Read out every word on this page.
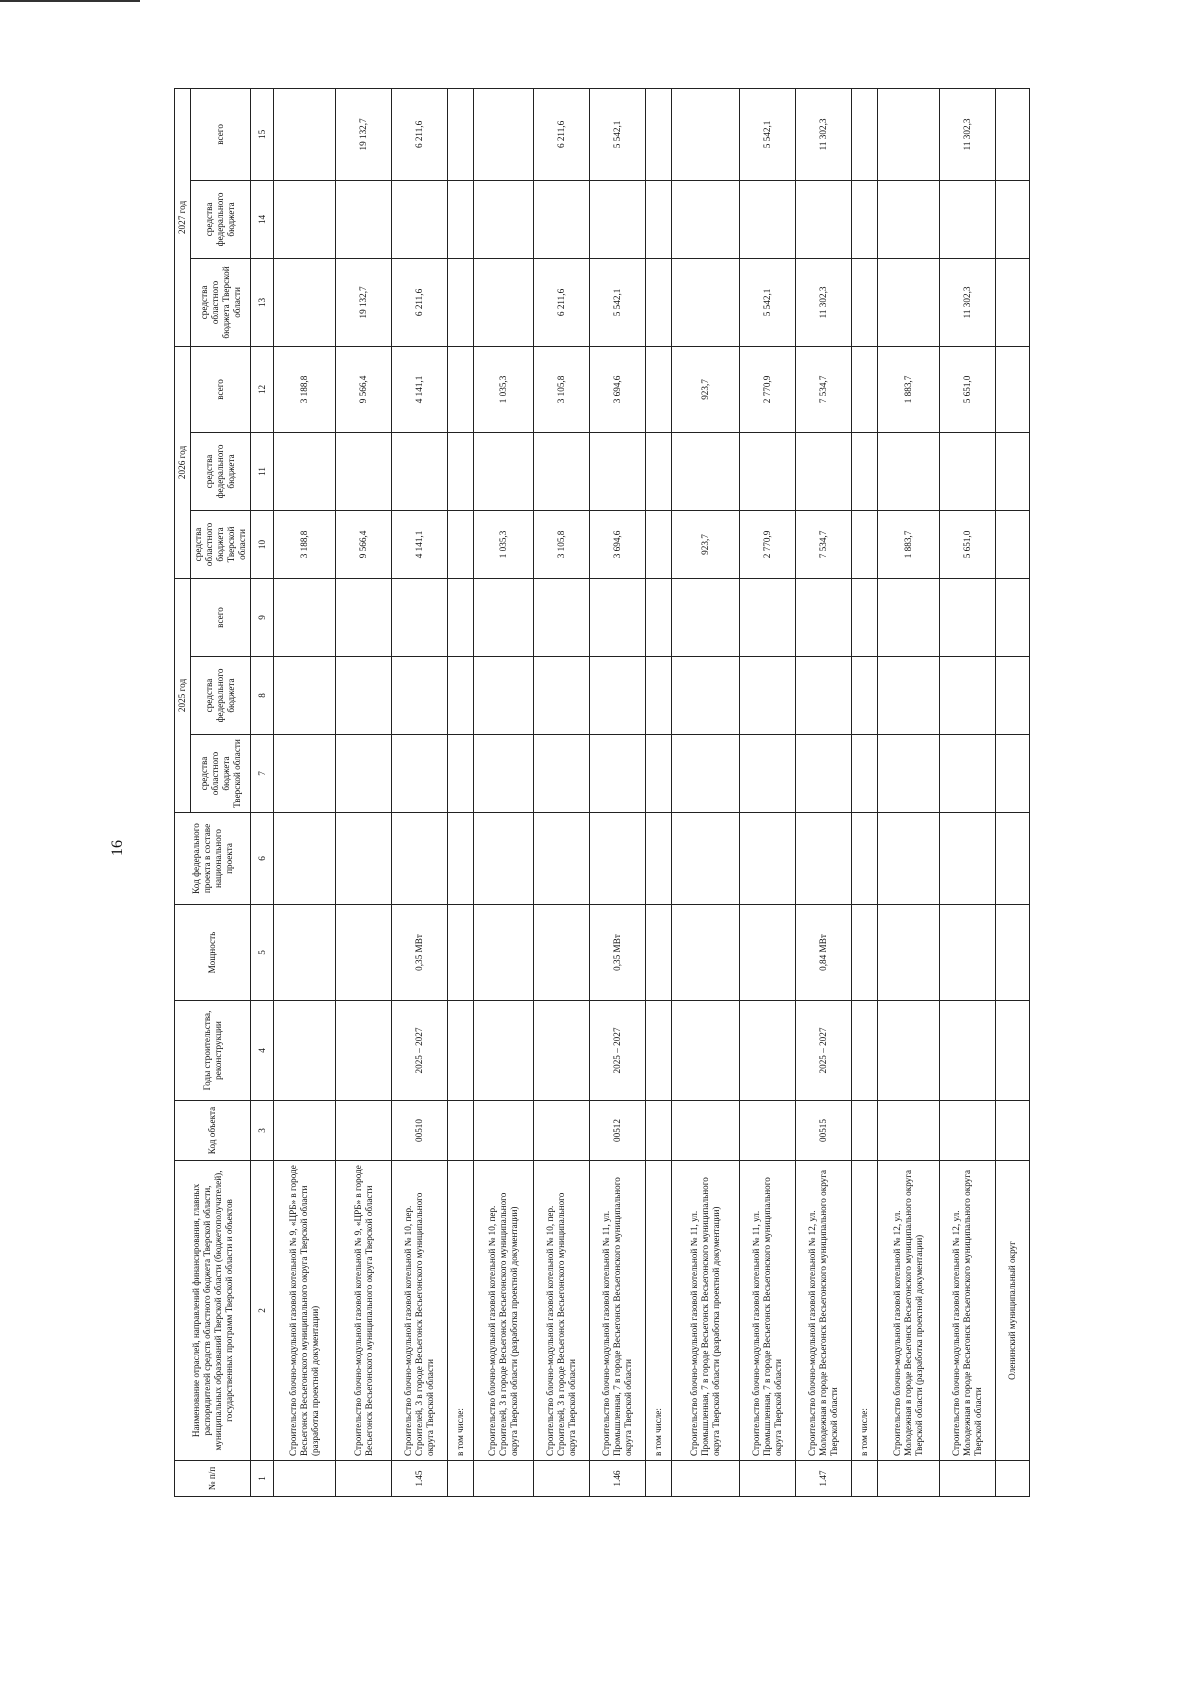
16
№ п/п	Наименование отраслей, направлений финансирования, главных распорядителей средств областного бюджета Тверской области, муниципальных образований Тверской области (бюджетополучателей), государственных программ Тверской области и объектов	Код объекта	Годы строительства, реконструкции	Мощность	Код федерального проекта в составе национального проекта	2025 год			2026 год			2027 год		
						средства областного бюджета Тверской области	средства федерального бюджета	всего	средства областного бюджета Тверской области	средства федерального бюджета	всего	средства областного бюджета Тверской области	средства федерального бюджета	всего
1	2	3	4	5	6	7	8	9	10	11	12	13	14	15
	Строительство блочно-модульной газовой котельной № 9, «ЦРБ» в городе Весьегонск Весьегонского муниципального округа Тверской области (разработка проектной документации)								3 188,8		3 188,8			
	Строительство блочно-модульной газовой котельной № 9, «ЦРБ» в городе Весьегонск Весьегонского муниципального округа Тверской области								9 566,4		9 566,4	19 132,7		19 132,7
1.45	Строительство блочно-модульной газовой котельной № 10, пер. Строителей, 3 в городе Весьегонск Весьегонского муниципального округа Тверской области	00510	2025 – 2027	0,35 МВт					4 141,1		4 141,1	6 211,6		6 211,6
	в том числе:													
	Строительство блочно-модульной газовой котельной № 10, пер. Строителей, 3 в городе Весьегонск Весьегонского муниципального округа Тверской области (разработка проектной документации)								1 035,3		1 035,3			
	Строительство блочно-модульной газовой котельной № 10, пер. Строителей, 3 в городе Весьегонск Весьегонского муниципального округа Тверской области								3 105,8		3 105,8	6 211,6		6 211,6
1.46	Строительство блочно-модульной газовой котельной № 11, ул. Промышленная, 7 в городе Весьегонск Весьегонского муниципального округа Тверской области	00512	2025 – 2027	0,35 МВт					3 694,6		3 694,6	5 542,1		5 542,1
	в том числе:													
	Строительство блочно-модульной газовой котельной № 11, ул. Промышленная, 7 в городе Весьегонск Весьегонского муниципального округа Тверской области (разработка проектной документации)								923,7		923,7			
	Строительство блочно-модульной газовой котельной № 11, ул. Промышленная, 7 в городе Весьегонск Весьегонского муниципального округа Тверской области								2 770,9		2 770,9	5 542,1		5 542,1
1.47	Строительство блочно-модульной газовой котельной № 12, ул. Молодежная в городе Весьегонск Весьегонского муниципального округа Тверской области	00515	2025 – 2027	0,84 МВт					7 534,7		7 534,7	11 302,3		11 302,3
	в том числе:													
	Строительство блочно-модульной газовой котельной № 12, ул. Молодежная в городе Весьегонск Весьегонского муниципального округа Тверской области (разработка проектной документации)								1 883,7		1 883,7			
	Строительство блочно-модульной газовой котельной № 12, ул. Молодежная в городе Весьегонск Весьегонского муниципального округа Тверской области								5 651,0		5 651,0	11 302,3		11 302,3
	Оленинский муниципальный округ													
